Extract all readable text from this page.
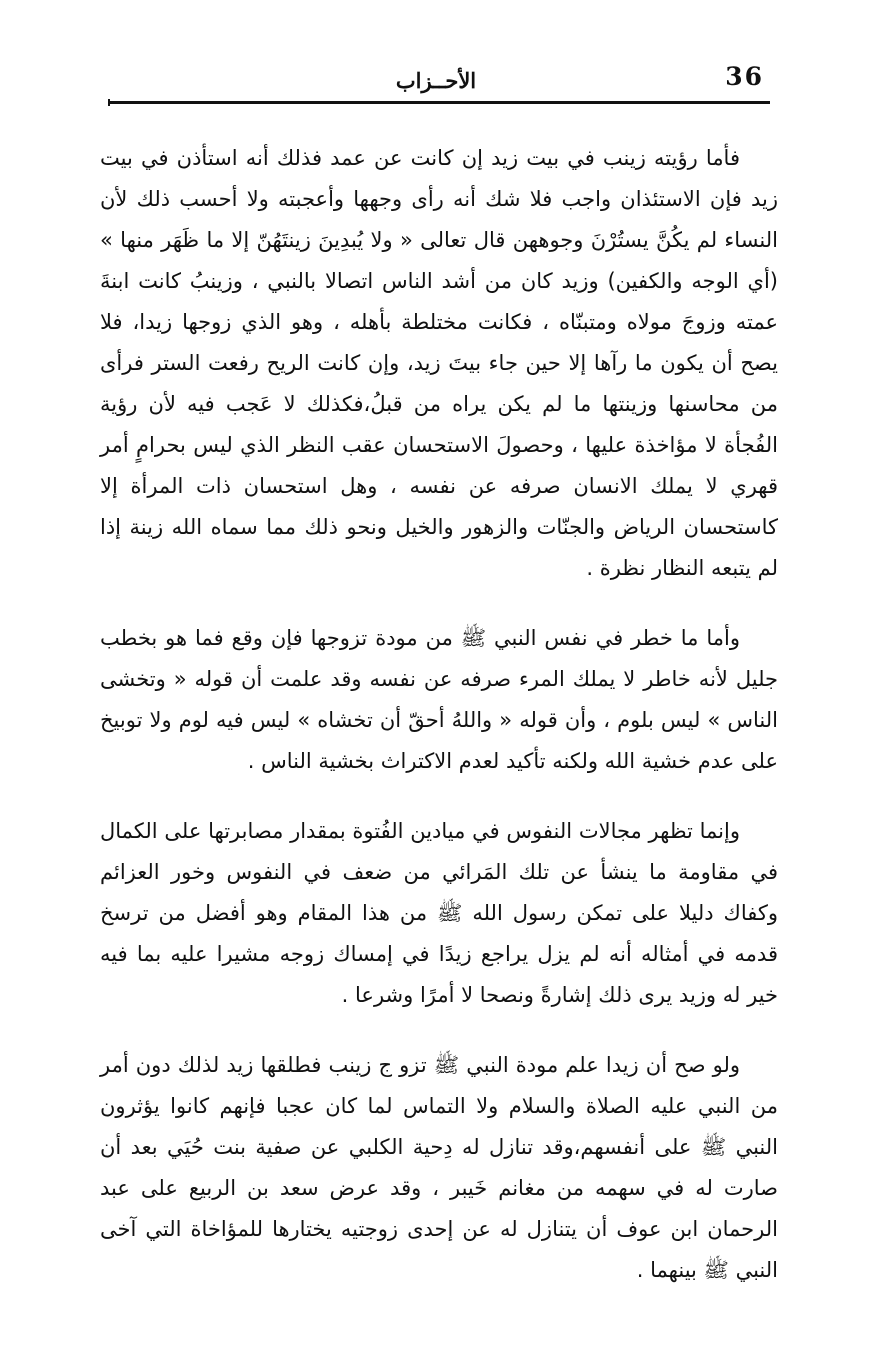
36
الأحــزاب

فأما رؤيته زينب في بيت زيد إن كانت عن عمد فذلك أنه استأذن في بيت زيد فإن الاستئذان واجب فلا شك أنه رأى وجهها وأعجبته ولا أحسب ذلك لأن النساء لم يكُنَّ يستُرْنَ وجوههن قال تعالى « ولا يُبدِينَ زينتَهُنّ إلا ما ظَهَر منها » (أي الوجه والكفين) وزيد كان من أشد الناس اتصالا بالنبي ، وزينبُ كانت ابنةَ عمته وزوجَ مولاه ومتبنّاه ، فكانت مختلطة بأهله ، وهو الذي زوجها زيدا، فلا يصح أن يكون ما رآها إلا حين جاء بيتَ زيد، وإن كانت الريح رفعت الستر فرأى من محاسنها وزينتها ما لم يكن يراه من قبلُ،فكذلك لا عَجب فيه لأن رؤية الفُجأة لا مؤاخذة عليها ، وحصولَ الاستحسان عقب النظر الذي ليس بحرامٍ أمر قهري لا يملك الانسان صرفه عن نفسه ، وهل استحسان ذات المرأة إلا كاستحسان الرياض والجنّات والزهور والخيل ونحو ذلك مما سماه الله زينة إذا لم يتبعه النظار نظرة .

وأما ما خطر في نفس النبي ﷺ من مودة تزوجها فإن وقع فما هو بخطب جليل لأنه خاطر لا يملك المرء صرفه عن نفسه وقد علمت أن قوله « وتخشى الناس » ليس بلوم ، وأن قوله « واللهُ أحقّ أن تخشاه » ليس فيه لوم ولا توبيخ على عدم خشية الله ولكنه تأكيد لعدم الاكتراث بخشية الناس .

وإنما تظهر مجالات النفوس في ميادين الفُتوة بمقدار مصابرتها على الكمال في مقاومة ما ينشأ عن تلك المَرائي من ضعف في النفوس وخور العزائم وكفاك دليلا على تمكن رسول الله ﷺ من هذا المقام وهو أفضل من ترسخ قدمه في أمثاله أنه لم يزل يراجع زيدًا في إمساك زوجه مشيرا عليه بما فيه خير له وزيد يرى ذلك إشارةً ونصحا لا أمرًا وشرعا .

ولو صح أن زيدا علم مودة النبي ﷺ تزو ج زينب فطلقها زيد لذلك دون أمر من النبي عليه الصلاة والسلام ولا التماس لما كان عجبا فإنهم كانوا يؤثرون النبي ﷺ على أنفسهم،وقد تنازل له دِحية الكلبي عن صفية بنت حُيَي بعد أن صارت له في سهمه من مغانم خَيبر ، وقد عرض سعد بن الربيع على عبد الرحمان ابن عوف أن يتنازل له عن إحدى زوجتيه يختارها للمؤاخاة التي آخى النبي ﷺ بينهما .
